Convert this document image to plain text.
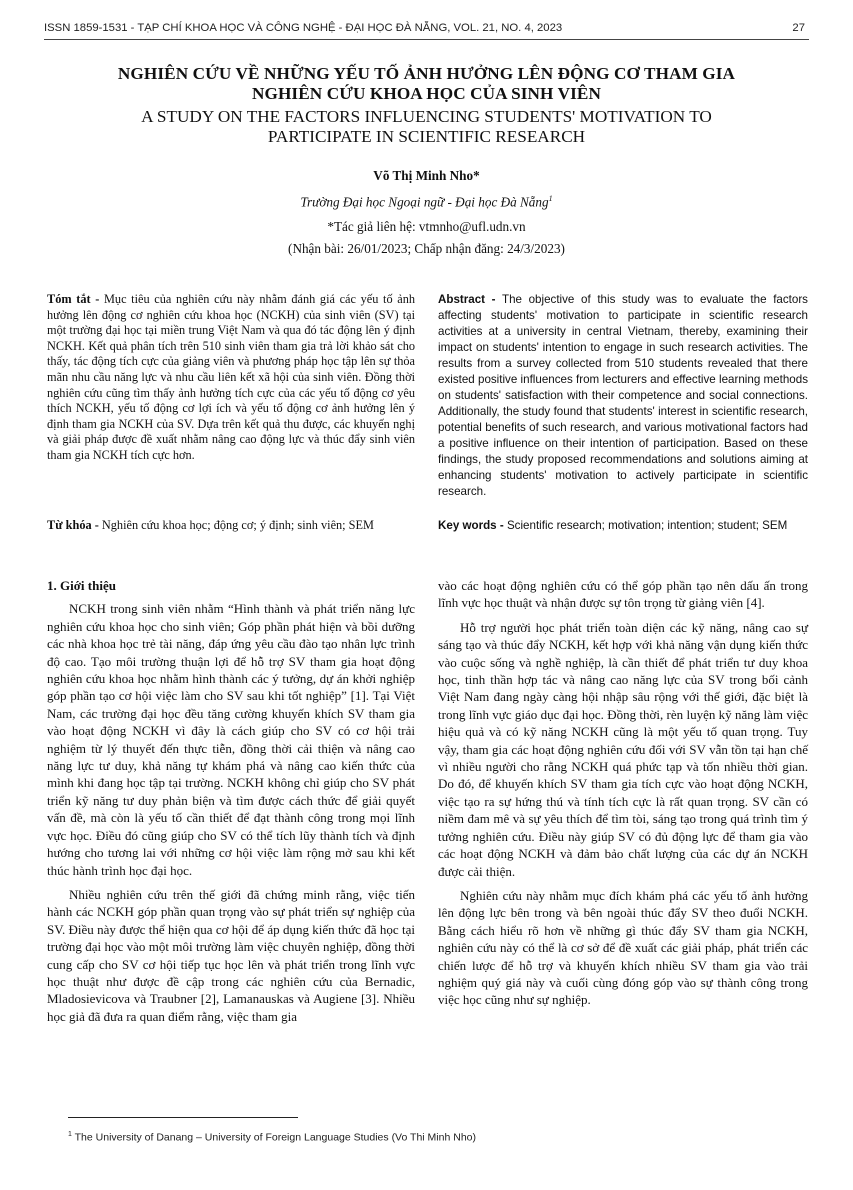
ISSN 1859-1531 - TẠP CHÍ KHOA HỌC VÀ CÔNG NGHỆ - ĐẠI HỌC ĐÀ NẴNG, VOL. 21, NO. 4, 2023	27
NGHIÊN CỨU VỀ NHỮNG YẾU TỐ ẢNH HƯỞNG LÊN ĐỘNG CƠ THAM GIA
NGHIÊN CỨU KHOA HỌC CỦA SINH VIÊN
A STUDY ON THE FACTORS INFLUENCING STUDENTS' MOTIVATION TO
PARTICIPATE IN SCIENTIFIC RESEARCH
Võ Thị Minh Nho*
Trường Đại học Ngoại ngữ - Đại học Đà Nẵng$^1$
*Tác giả liên hệ: vtmnho@ufl.udn.vn
(Nhận bài: 26/01/2023; Chấp nhận đăng: 24/3/2023)
Tóm tắt - Mục tiêu của nghiên cứu này nhằm đánh giá các yếu tố ảnh hưởng lên động cơ nghiên cứu khoa học (NCKH) của sinh viên (SV) tại một trường đại học tại miền trung Việt Nam và qua đó tác động lên ý định NCKH. Kết quả phân tích trên 510 sinh viên tham gia trả lời khảo sát cho thấy, tác động tích cực của giảng viên và phương pháp học tập lên sự thỏa mãn nhu cầu năng lực và nhu cầu liên kết xã hội của sinh viên. Đồng thời nghiên cứu cũng tìm thấy ảnh hưởng tích cực của các yếu tố động cơ yêu thích NCKH, yếu tố động cơ lợi ích và yếu tố động cơ ảnh hưởng lên ý định tham gia NCKH của SV. Dựa trên kết quả thu được, các khuyến nghị và giải pháp được đề xuất nhằm nâng cao động lực và thúc đẩy sinh viên tham gia NCKH tích cực hơn.
Abstract - The objective of this study was to evaluate the factors affecting students' motivation to participate in scientific research activities at a university in central Vietnam, thereby, examining their impact on students' intention to engage in such research activities. The results from a survey collected from 510 students revealed that there existed positive influences from lecturers and effective learning methods on students' satisfaction with their competence and social connections. Additionally, the study found that students' interest in scientific research, potential benefits of such research, and various motivational factors had a positive influence on their intention of participation. Based on these findings, the study proposed recommendations and solutions aiming at enhancing students' motivation to actively participate in scientific research.
Từ khóa - Nghiên cứu khoa học; động cơ; ý định; sinh viên; SEM	Key words - Scientific research; motivation; intention; student; SEM
1. Giới thiệu

NCKH trong sinh viên nhằm “Hình thành và phát triển năng lực nghiên cứu khoa học cho sinh viên; Góp phần phát hiện và bồi dưỡng các nhà khoa học trẻ tài năng, đáp ứng yêu cầu đào tạo nhân lực trình độ cao. Tạo môi trường thuận lợi để hỗ trợ SV tham gia hoạt động nghiên cứu khoa học nhằm hình thành các ý tưởng, dự án khởi nghiệp góp phần tạo cơ hội việc làm cho SV sau khi tốt nghiệp” [1]. Tại Việt Nam, các trường đại học đều tăng cường khuyến khích SV tham gia vào hoạt động NCKH vì đây là cách giúp cho SV có cơ hội trải nghiệm từ lý thuyết đến thực tiễn, đồng thời cải thiện và nâng cao năng lực tư duy, khả năng tự khám phá và nâng cao kiến thức của mình khi đang học tập tại trường. NCKH không chỉ giúp cho SV phát triển kỹ năng tư duy phản biện và tìm được cách thức để giải quyết vấn đề, mà còn là yếu tố cần thiết để đạt thành công trong mọi lĩnh vực học. Điều đó cũng giúp cho SV có thể tích lũy thành tích và định hướng cho tương lai với những cơ hội việc làm rộng mở sau khi kết thúc hành trình học đại học.

Nhiều nghiên cứu trên thế giới đã chứng minh rằng, việc tiến hành các NCKH góp phần quan trọng vào sự phát triển sự nghiệp của SV. Điều này được thể hiện qua cơ hội để áp dụng kiến thức đã học tại trường đại học vào một môi trường làm việc chuyên nghiệp, đồng thời cung cấp cho SV cơ hội tiếp tục học lên và phát triển trong lĩnh vực học thuật như được đề cập trong các nghiên cứu của Bernadic, Mladosievicova và Traubner [2], Lamanauskas và Augiene [3]. Nhiều học giả đã đưa ra quan điểm rằng, việc tham gia

vào các hoạt động nghiên cứu có thể góp phần tạo nên dấu ấn trong lĩnh vực học thuật và nhận được sự tôn trọng từ giảng viên [4].

Hỗ trợ người học phát triển toàn diện các kỹ năng, nâng cao sự sáng tạo và thúc đẩy NCKH, kết hợp với khả năng vận dụng kiến thức vào cuộc sống và nghề nghiệp, là cần thiết để phát triển tư duy khoa học, tinh thần hợp tác và nâng cao năng lực của SV trong bối cảnh Việt Nam đang ngày càng hội nhập sâu rộng với thế giới, đặc biệt là trong lĩnh vực giáo dục đại học. Đồng thời, rèn luyện kỹ năng làm việc hiệu quả và có kỹ năng NCKH cũng là một yếu tố quan trọng. Tuy vậy, tham gia các hoạt động nghiên cứu đối với SV vẫn tồn tại hạn chế vì nhiều người cho rằng NCKH quá phức tạp và tốn nhiều thời gian. Do đó, để khuyến khích SV tham gia tích cực vào hoạt động NCKH, việc tạo ra sự hứng thú và tính tích cực là rất quan trọng. SV cần có niềm đam mê và sự yêu thích để tìm tòi, sáng tạo trong quá trình tìm ý tưởng nghiên cứu. Điều này giúp SV có đủ động lực để tham gia vào các hoạt động NCKH và đảm bảo chất lượng của các dự án NCKH được cải thiện.

Nghiên cứu này nhằm mục đích khám phá các yếu tố ảnh hưởng lên động lực bên trong và bên ngoài thúc đẩy SV theo đuổi NCKH. Bằng cách hiểu rõ hơn về những gì thúc đẩy SV tham gia NCKH, nghiên cứu này có thể là cơ sở để đề xuất các giải pháp, phát triển các chiến lược để hỗ trợ và khuyến khích nhiều SV tham gia vào trải nghiệm quý giá này và cuối cùng đóng góp vào sự thành công trong việc học cũng như sự nghiệp.

$^1$ The University of Danang – University of Foreign Language Studies (Vo Thi Minh Nho)
